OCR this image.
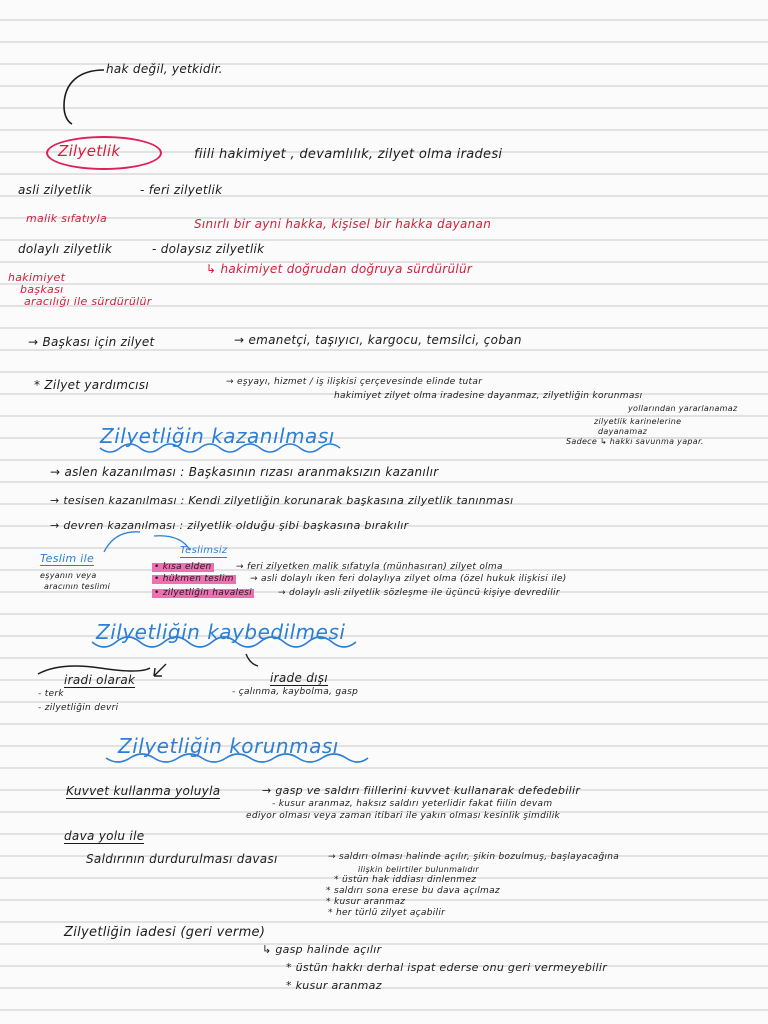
hak değil, yetkidir.
Zilyetlik	fiili hakimiyet , devamlılık, zilyet olma iradesi
asli zilyetlik	- feri zilyetlik
malik sıfatıyla	Sınırlı bir ayni hakka, kişisel bir hakka dayanan
dolaylı zilyetlik	- dolaysız zilyetlik
hakimiyet
başkası
aracılığı ile sürdürülür
↳ hakimiyet doğrudan doğruya sürdürülür
→ Başkası için zilyet	→ emanetçi, taşıyıcı, kargocu, temsilci, çoban
* Zilyet yardımcısı	→ eşyayı, hizmet / iş ilişkisi çerçevesinde elinde tutar
hakimiyet zilyet olma iradesine dayanmaz, zilyetliğin korunması
yollarından yararlanamaz
zilyetlik karinelerine
dayanamaz
Sadece ↳ hakkı savunma yapar.
Zilyetliğin kazanılması
→ aslen kazanılması : Başkasının rızası aranmaksızın kazanılır
→ tesisen kazanılması : Kendi zilyetliğin korunarak başkasına zilyetlik tanınması
→ devren kazanılması : zilyetlik olduğu şibi başkasına bırakılır
Teslim ile
Teslimsiz
eşyanın veya
aracının teslimi
• kısa elden	→ feri zilyetken malik sıfatıyla (münhasıran) zilyet olma
• hükmen teslim → asli dolaylı iken feri dolaylıya zilyet olma (özel hukuk ilişkisi ile)
• zilyetliğin havalesi	→ dolaylı asli zilyetlik sözleşme ile üçüncü kişiye devredilir
Zilyetliğin kaybedilmesi
iradi olarak
- terk
- zilyetliğin devri
irade dışı
- çalınma, kaybolma, gasp
Zilyetliğin korunması
Kuvvet kullanma yoluyla	→ gasp ve saldırı fiillerini kuvvet kullanarak defedebilir
- kusur aranmaz, haksız saldırı yeterlidir fakat fiilin devam
ediyor olması veya zaman itibari ile yakın olması kesinlik şimdilik
dava yolu ile
Saldırının durdurulması davası	→ saldırı olması halinde açılır, şikin bozulmuş, başlayacağına
ilişkin belirtiler bulunmalıdır
* üstün hak iddiası dinlenmez
* saldırı sona erese bu dava açılmaz
* kusur aranmaz
* her türlü zilyet açabilir
Zilyetliğin iadesi (geri verme)
↳ gasp halinde açılır
* üstün hakkı derhal ispat ederse onu geri vermeyebilir
* kusur aranmaz
